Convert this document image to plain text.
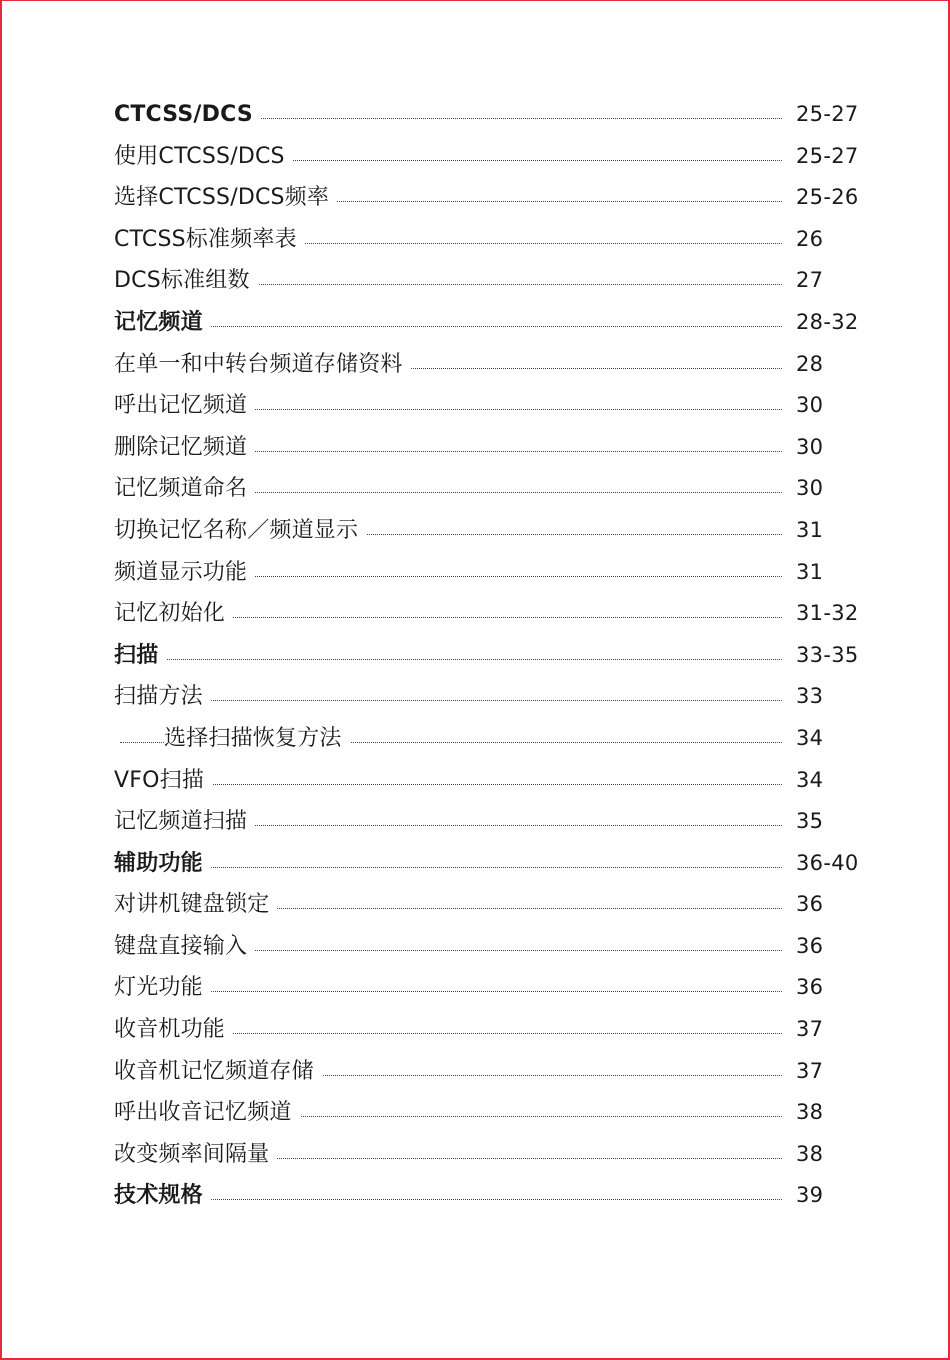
CTCSS/DCS	25-27
使用CTCSS/DCS	25-27
选择CTCSS/DCS频率	25-26
CTCSS标准频率表	26
DCS标准组数	27
记忆频道	28-32
在单一和中转台频道存储资料	28
呼出记忆频道	30
删除记忆频道	30
记忆频道命名	30
切换记忆名称／频道显示	31
频道显示功能	31
记忆初始化	31-32
扫描	33-35
扫描方法	33
选择扫描恢复方法	34
VFO扫描	34
记忆频道扫描	35
辅助功能	36-40
对讲机键盘锁定	36
键盘直接输入	36
灯光功能	36
收音机功能	37
收音机记忆频道存储	37
呼出收音记忆频道	38
改变频率间隔量	38
技术规格	39
